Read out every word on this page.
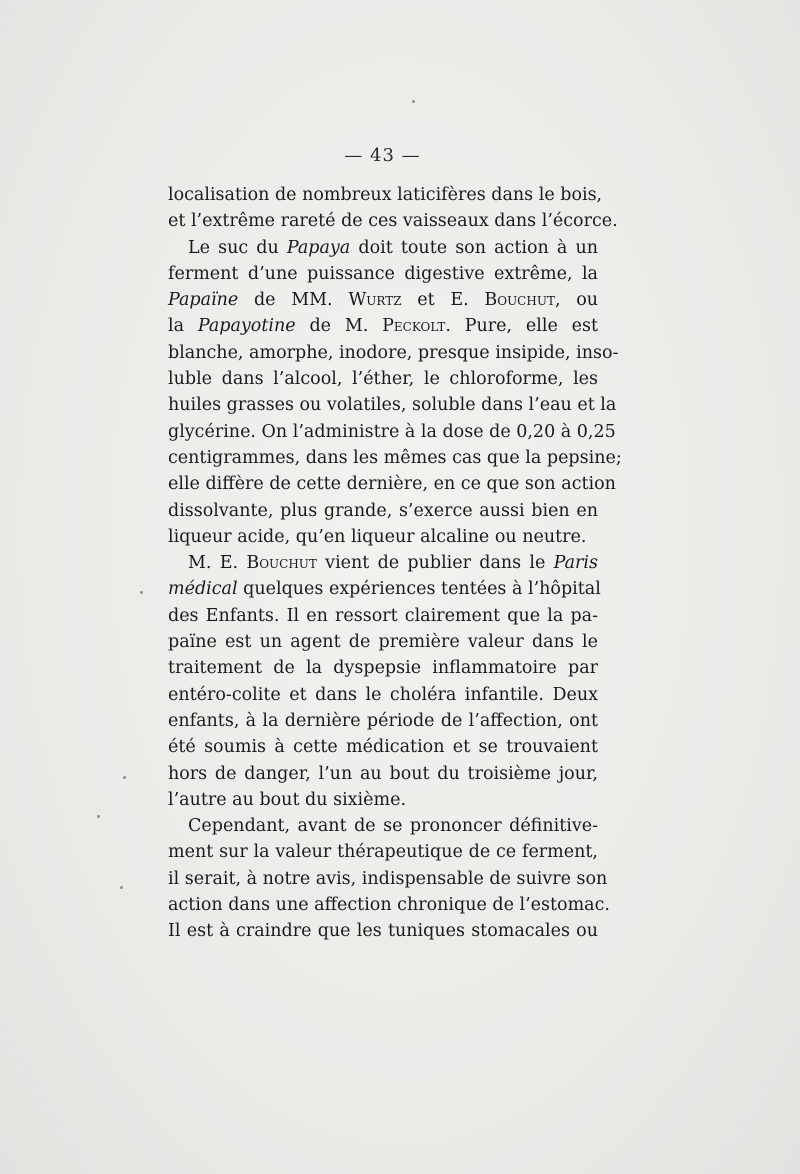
— 43 —
localisation de nombreux laticifères dans le bois,
et l’extrême rareté de ces vaisseaux dans l’écorce.
Le suc du Papaya doit toute son action à un
ferment d’une puissance digestive extrême, la
Papaïne de MM. Wurtz et E. Bouchut, ou
la Papayotine de M. Peckolt. Pure, elle est
blanche, amorphe, inodore, presque insipide, inso-
luble dans l’alcool, l’éther, le chloroforme, les
huiles grasses ou volatiles, soluble dans l’eau et la
glycérine. On l’administre à la dose de 0,20 à 0,25
centigrammes, dans les mêmes cas que la pepsine;
elle diffère de cette dernière, en ce que son action
dissolvante, plus grande, s’exerce aussi bien en
liqueur acide, qu’en liqueur alcaline ou neutre.
M. E. Bouchut vient de publier dans le Paris
médical quelques expériences tentées à l’hôpital
des Enfants. Il en ressort clairement que la pa-
païne est un agent de première valeur dans le
traitement de la dyspepsie inflammatoire par
entéro-colite et dans le choléra infantile. Deux
enfants, à la dernière période de l’affection, ont
été soumis à cette médication et se trouvaient
hors de danger, l’un au bout du troisième jour,
l’autre au bout du sixième.
Cependant, avant de se prononcer définitive-
ment sur la valeur thérapeutique de ce ferment,
il serait, à notre avis, indispensable de suivre son
action dans une affection chronique de l’estomac.
Il est à craindre que les tuniques stomacales ou
